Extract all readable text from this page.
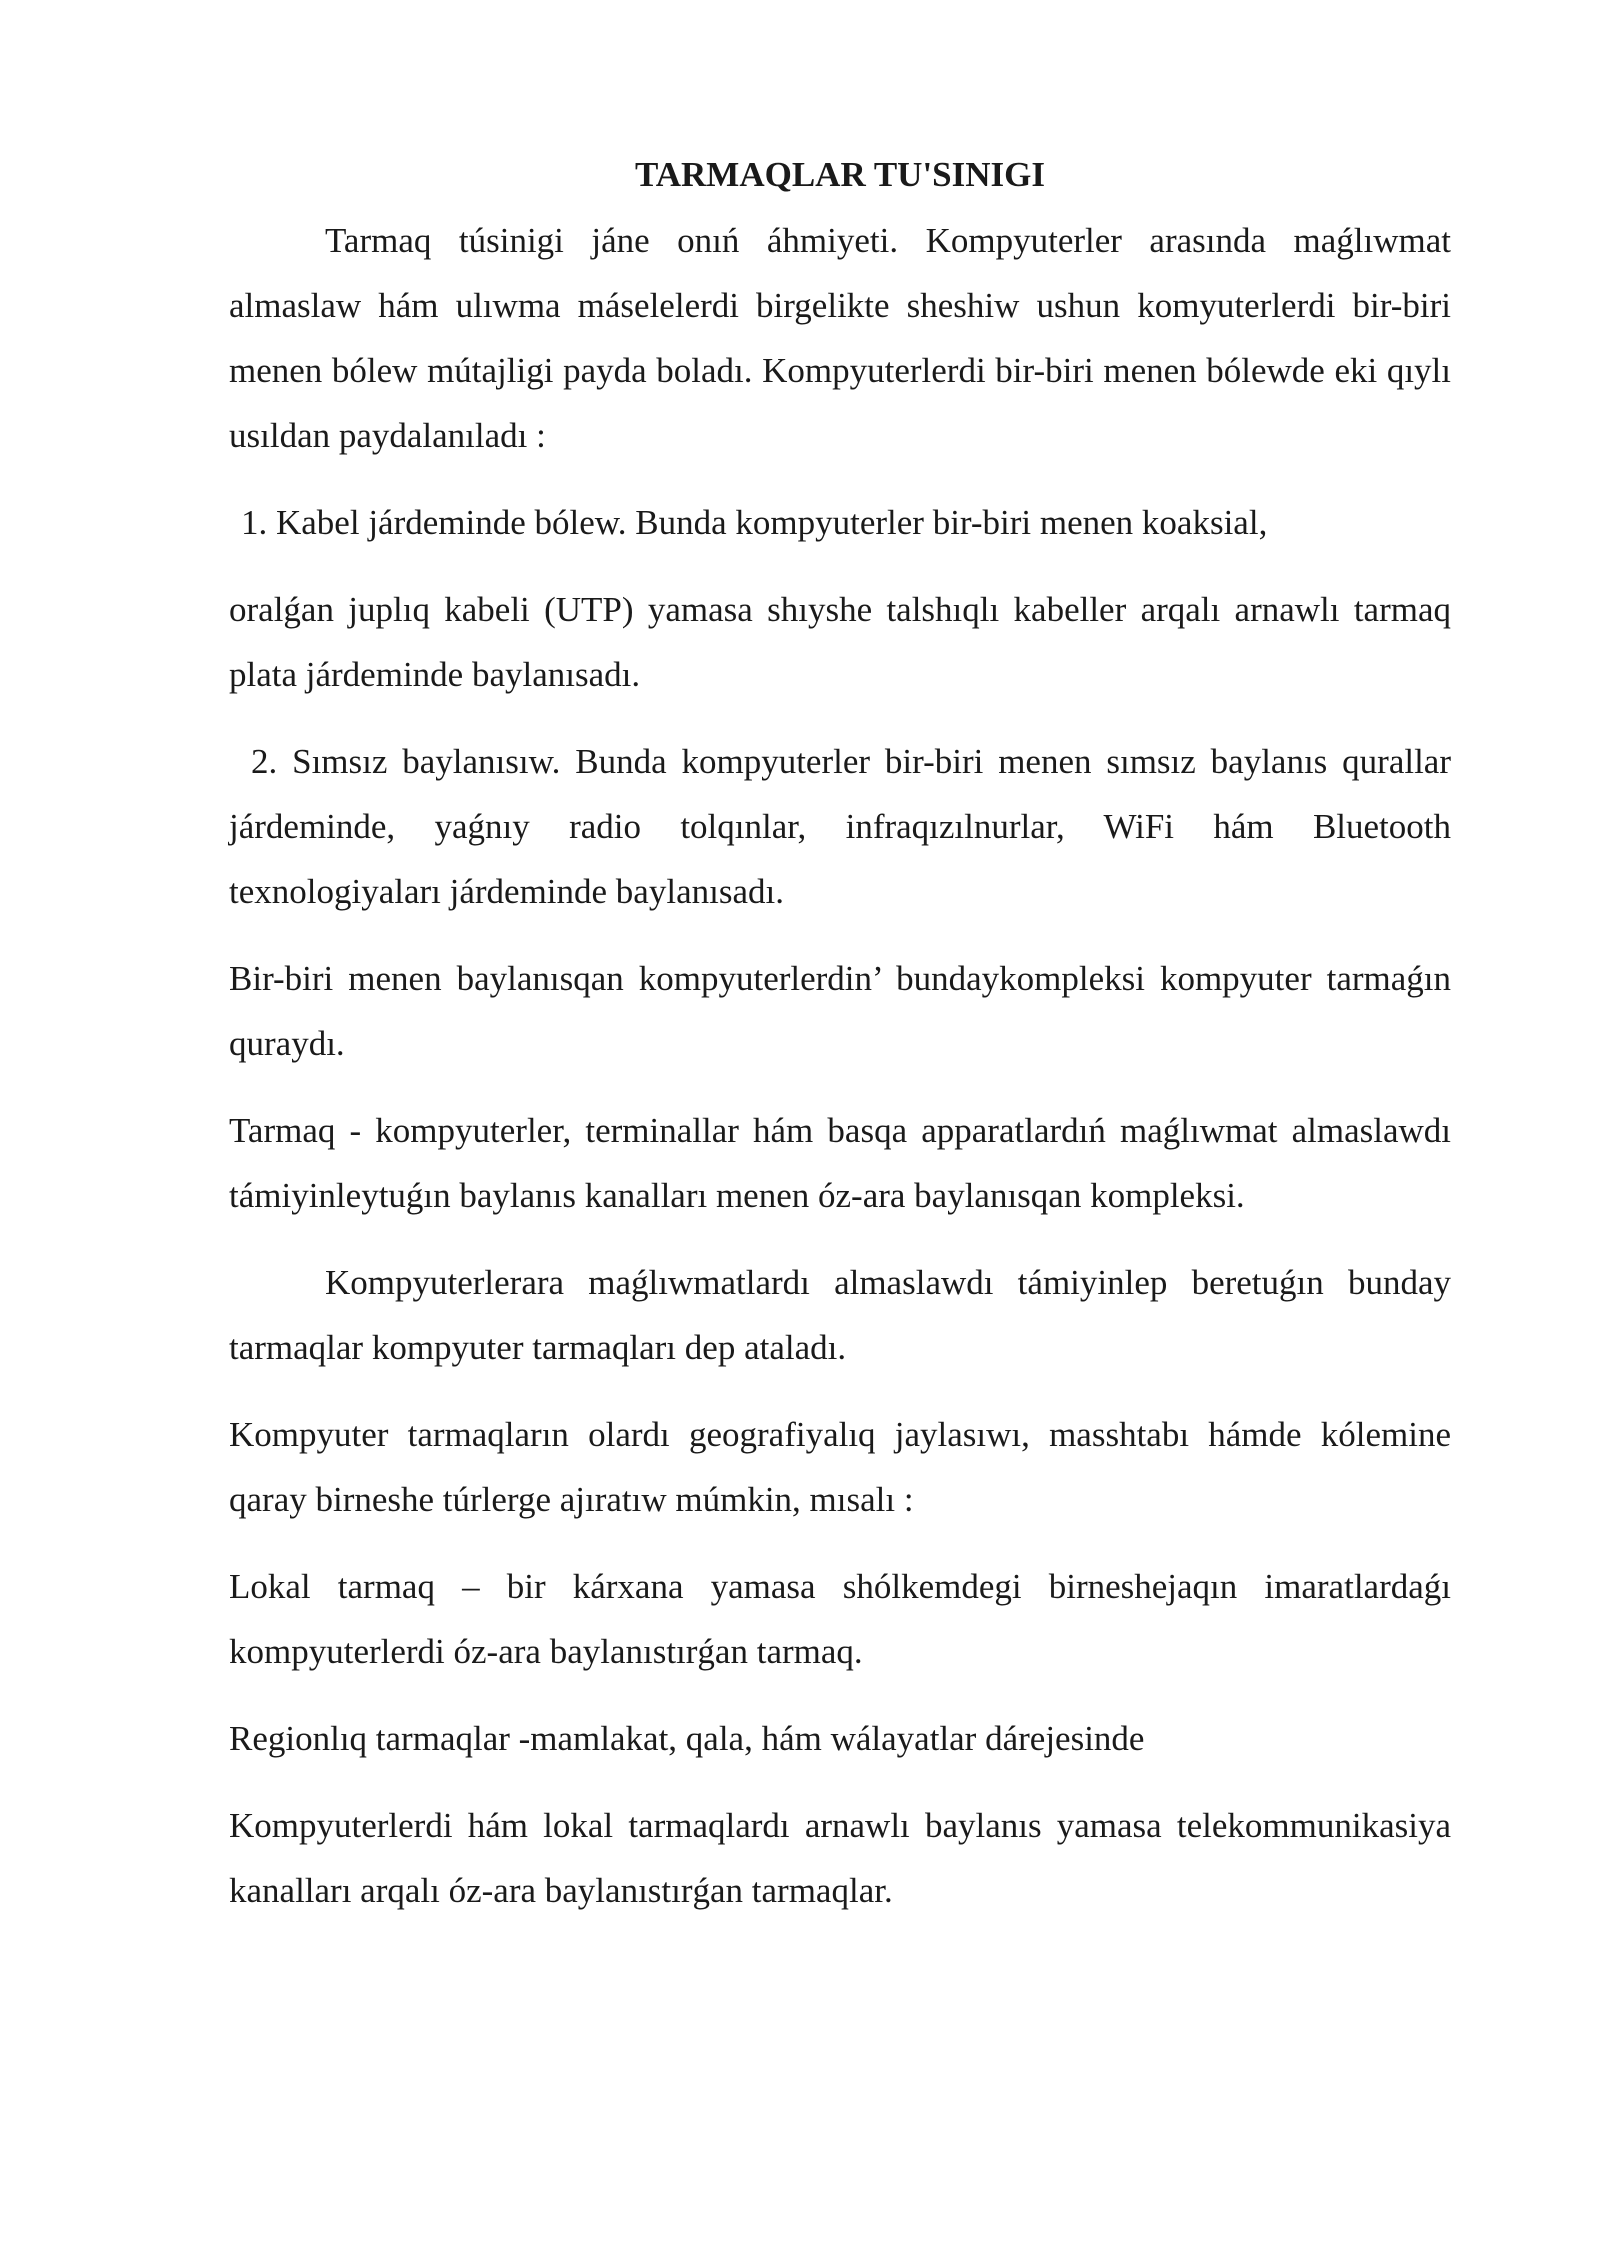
TARMAQLAR TU'SINIGI

Tarmaq túsinigi jáne onıń áhmiyeti. Kompyuterler arasında maǵlıwmat almaslaw hám ulıwma máselelerdi birgelikte sheshiw ushun komyuterlerdi bir-biri menen bólew mútajligi payda boladı. Kompyuterlerdi bir-biri menen bólewde eki qıylı usıldan paydalanıladı :

1. Kabel járdeminde bólew. Bunda kompyuterler bir-biri menen koaksial,

oralǵan juplıq kabeli (UTP) yamasa shıyshe talshıqlı kabeller arqalı arnawlı tarmaq plata járdeminde baylanısadı.

2. Sımsız baylanısıw. Bunda kompyuterler bir-biri menen sımsız baylanıs qurallar járdeminde, yaǵnıy radio tolqınlar, infraqızılnurlar, WiFi hám Bluetooth texnologiyaları járdeminde baylanısadı.

Bir-biri menen baylanısqan kompyuterlerdin’ bundaykompleksi kompyuter tarmaǵın quraydı.

Tarmaq - kompyuterler, terminallar hám basqa apparatlardıń maǵlıwmat almaslawdı támiyinleytuǵın baylanıs kanalları menen óz-ara baylanısqan kompleksi.

Kompyuterlerara maǵlıwmatlardı almaslawdı támiyinlep beretuǵın bunday tarmaqlar kompyuter tarmaqları dep ataladı.

Kompyuter tarmaqların olardı geografiyalıq jaylasıwı, masshtabı hámde kólemine qaray birneshe túrlerge ajıratıw múmkin, mısalı :

Lokal tarmaq – bir kárxana yamasa shólkemdegi birneshejaqın imaratlardaǵı kompyuterlerdi óz-ara baylanıstırǵan tarmaq.

Regionlıq tarmaqlar -mamlakat, qala, hám wálayatlar dárejesinde

Kompyuterlerdi hám lokal tarmaqlardı arnawlı baylanıs yamasa telekommunikasiya kanalları arqalı óz-ara baylanıstırǵan tarmaqlar.
